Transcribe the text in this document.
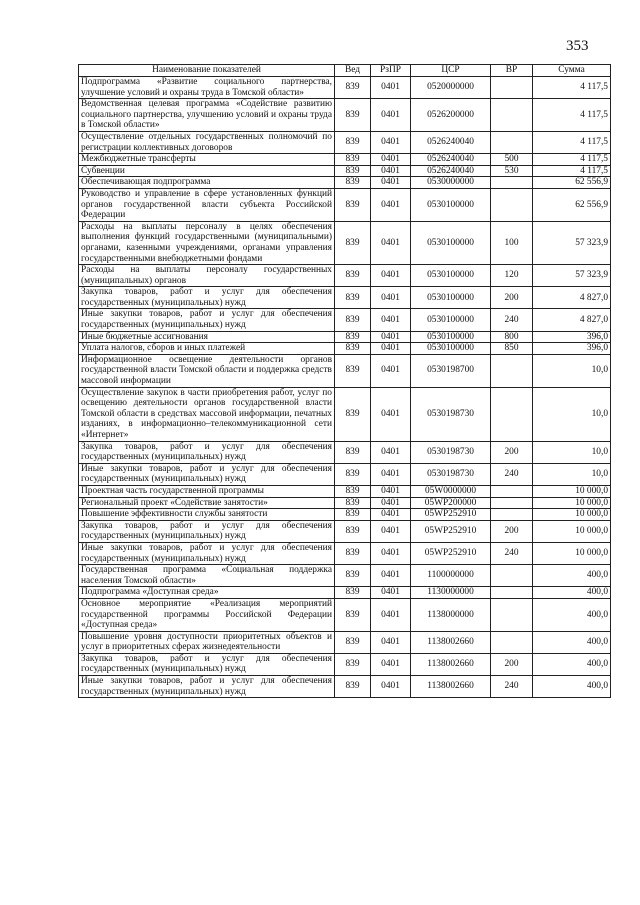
353
Наименование показателей	Вед	РзПР	ЦСР	ВР	Сумма
Подпрограмма «Развитие социального партнерства, улучшение условий и охраны труда в Томской области»	839	0401	0520000000		4 117,5
Ведомственная целевая программа «Содействие развитию социального партнерства, улучшению условий и охраны труда в Томской области»	839	0401	0526200000		4 117,5
Осуществление отдельных государственных полномочий по регистрации коллективных договоров	839	0401	0526240040		4 117,5
Межбюджетные трансферты	839	0401	0526240040	500	4 117,5
Субвенции	839	0401	0526240040	530	4 117,5
Обеспечивающая подпрограмма	839	0401	0530000000		62 556,9
Руководство и управление в сфере установленных функций органов государственной власти субъекта Российской Федерации	839	0401	0530100000		62 556,9
Расходы на выплаты персоналу в целях обеспечения выполнения функций государственными (муниципальными) органами, казенными учреждениями, органами управления государственными внебюджетными фондами	839	0401	0530100000	100	57 323,9
Расходы на выплаты персоналу государственных (муниципальных) органов	839	0401	0530100000	120	57 323,9
Закупка товаров, работ и услуг для обеспечения государственных (муниципальных) нужд	839	0401	0530100000	200	4 827,0
Иные закупки товаров, работ и услуг для обеспечения государственных (муниципальных) нужд	839	0401	0530100000	240	4 827,0
Иные бюджетные ассигнования	839	0401	0530100000	800	396,0
Уплата налогов, сборов и иных платежей	839	0401	0530100000	850	396,0
Информационное освещение деятельности органов государственной власти Томской области и поддержка средств массовой информации	839	0401	0530198700		10,0
Осуществление закупок в части приобретения работ, услуг по освещению деятельности органов государственной власти Томской области в средствах массовой информации, печатных изданиях, в информационно–телекоммуникационной сети «Интернет»	839	0401	0530198730		10,0
Закупка товаров, работ и услуг для обеспечения государственных (муниципальных) нужд	839	0401	0530198730	200	10,0
Иные закупки товаров, работ и услуг для обеспечения государственных (муниципальных) нужд	839	0401	0530198730	240	10,0
Проектная часть государственной программы	839	0401	05W0000000		10 000,0
Региональный проект «Содействие занятости»	839	0401	05WP200000		10 000,0
Повышение эффективности службы занятости	839	0401	05WP252910		10 000,0
Закупка товаров, работ и услуг для обеспечения государственных (муниципальных) нужд	839	0401	05WP252910	200	10 000,0
Иные закупки товаров, работ и услуг для обеспечения государственных (муниципальных) нужд	839	0401	05WP252910	240	10 000,0
Государственная программа «Социальная поддержка населения Томской области»	839	0401	1100000000		400,0
Подпрограмма «Доступная среда»	839	0401	1130000000		400,0
Основное мероприятие «Реализация мероприятий государственной программы Российской Федерации «Доступная среда»	839	0401	1138000000		400,0
Повышение уровня доступности приоритетных объектов и услуг в приоритетных сферах жизнедеятельности	839	0401	1138002660		400,0
Закупка товаров, работ и услуг для обеспечения государственных (муниципальных) нужд	839	0401	1138002660	200	400,0
Иные закупки товаров, работ и услуг для обеспечения государственных (муниципальных) нужд	839	0401	1138002660	240	400,0
